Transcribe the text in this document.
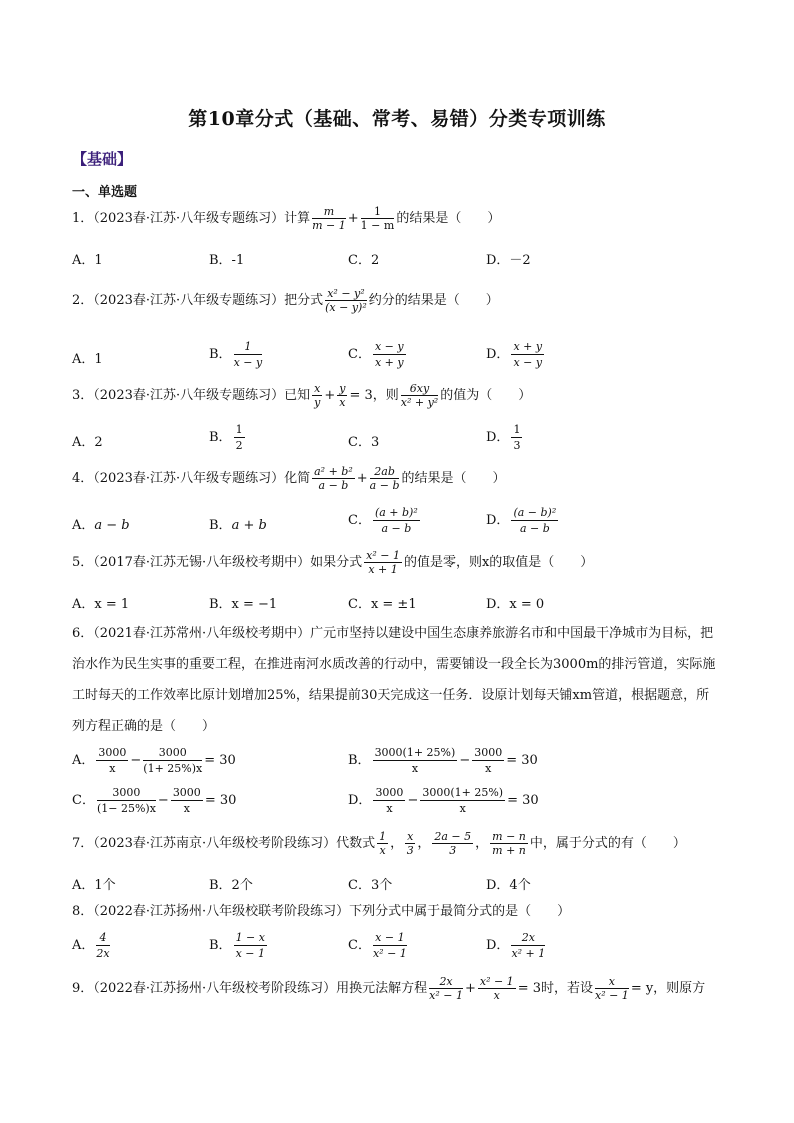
第10章分式（基础、常考、易错）分类专项训练
【基础】
一、单选题
1．（2023春·江苏·八年级专题练习）计算 $\frac{m}{m - 1} + \frac{1}{1 - m}$ 的结果是（　　）
A．1	B．-1	C．2	D．－2
2．（2023春·江苏·八年级专题练习）把分式 $\frac{\text{x² − y²}}{\text{(x − y)²}}$ 约分的结果是（　　）
A．1	B． $\frac{1}{x - y}$	C． $\frac{x - y}{x + y}$	D． $\frac{x + y}{x - y}$
3．（2023春·江苏·八年级专题练习）已知 $\frac{x}{y} + \frac{y}{x} = 3$，则 $\frac{6xy}{\text{x² + y²}}$ 的值为（　　）
A．2	B． $\frac{1}{2}$	C．3	D． $\frac{1}{3}$
4．（2023春·江苏·八年级专题练习）化简 $\frac{\text{a² + b²}}{a - b} + \frac{2ab}{a - b}$ 的结果是（　　）
A．a − b	B．a + b	C． $\frac{\text{(a + b)²}}{a - b}$	D． $\frac{\text{(a − b)²}}{a - b}$
5．（2017春·江苏无锡·八年级校考期中）如果分式 $\frac{\text{x² − 1}}{x + 1}$ 的值是零，则x的取值是（　　）
A．x = 1	B．x = −1	C．x = ±1	D．x = 0
6．（2021春·江苏常州·八年级校考期中）广元市坚持以建设中国生态康养旅游名市和中国最干净城市为目标，把治水作为民生实事的重要工程，在推进南河水质改善的行动中，需要铺设一段全长为3000m的排污管道，实际施工时每天的工作效率比原计划增加25%，结果提前30天完成这一任务．设原计划每天铺xm管道，根据题意，所列方程正确的是（　　）
A． $\frac{3000}{x} - \frac{3000}{(1+ 25\%)x} = 30$	B． $\frac{3000(1+ 25\%)}{x} - \frac{3000}{x} = 30$
C． $\frac{3000}{(1- 25\%)x} - \frac{3000}{x} = 30$	D． $\frac{3000}{x} - \frac{3000(1+ 25\%)}{x} = 30$
7．（2023春·江苏南京·八年级校考阶段练习）代数式 $\frac{1}{x}$ ， $\frac{x}{3}$ ， $\frac{2a - 5}{3}$ ， $\frac{m - n}{m + n}$ 中，属于分式的有（　　）
A．1个	B．2个	C．3个	D．4个
8．（2022春·江苏扬州·八年级校联考阶段练习）下列分式中属于最简分式的是（　　）
A． $\frac{4}{2x}$	B． $\frac{1 - x}{x - 1}$	C． $\frac{x - 1}{\text{x² − 1}}$	D． $\frac{2x}{\text{x² + 1}}$
9．（2022春·江苏扬州·八年级校考阶段练习）用换元法解方程 $\frac{2x}{\text{x² − 1}} + \frac{\text{x² − 1}}{x} = 3$时，若设 $\frac{x}{\text{x² − 1}} = y$，则原方
